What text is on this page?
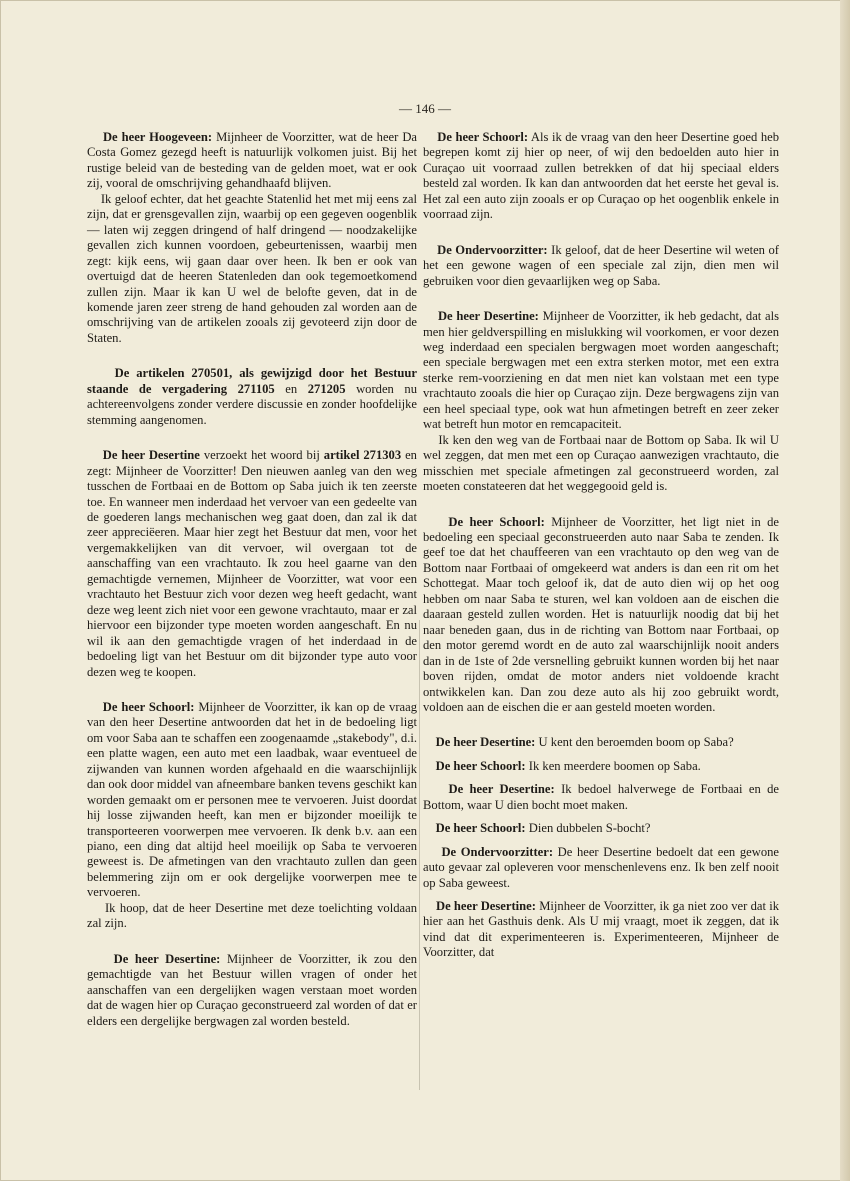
— 146 —

De heer Hoogeveen: Mijnheer de Voorzitter, wat de heer Da Costa Gomez gezegd heeft is natuurlijk volkomen juist. Bij het rustige beleid van de besteding van de gelden moet, wat er ook zij, vooral de omschrijving gehandhaafd blijven.

Ik geloof echter, dat het geachte Statenlid het met mij eens zal zijn, dat er grensgevallen zijn, waarbij op een gegeven oogenblik — laten wij zeggen dringend of half dringend — noodzakelijke gevallen zich kunnen voordoen, gebeurtenissen, waarbij men zegt: kijk eens, wij gaan daar over heen. Ik ben er ook van overtuigd dat de heeren Statenleden dan ook tegemoetkomend zullen zijn. Maar ik kan U wel de belofte geven, dat in de komende jaren zeer streng de hand gehouden zal worden aan de omschrijving van de artikelen zooals zij gevoteerd zijn door de Staten.

De artikelen 270501, als gewijzigd door het Bestuur staande de vergadering 271105 en 271205 worden nu achtereenvolgens zonder verdere discussie en zonder hoofdelijke stemming aangenomen.

De heer Desertine verzoekt het woord bij artikel 271303 en zegt: Mijnheer de Voorzitter! Den nieuwen aanleg van den weg tusschen de Fortbaai en de Bottom op Saba juich ik ten zeerste toe. En wanneer men inderdaad het vervoer van een gedeelte van de goederen langs mechanischen weg gaat doen, dan zal ik dat zeer appreciëeren. Maar hier zegt het Bestuur dat men, voor het vergemakkelijken van dit vervoer, wil overgaan tot de aanschaffing van een vrachtauto. Ik zou heel gaarne van den gemachtigde vernemen, Mijnheer de Voorzitter, wat voor een vrachtauto het Bestuur zich voor dezen weg heeft gedacht, want deze weg leent zich niet voor een gewone vrachtauto, maar er zal hiervoor een bijzonder type moeten worden aangeschaft. En nu wil ik aan den gemachtigde vragen of het inderdaad in de bedoeling ligt van het Bestuur om dit bijzonder type auto voor dezen weg te koopen.

De heer Schoorl: Mijnheer de Voorzitter, ik kan op de vraag van den heer Desertine antwoorden dat het in de bedoeling ligt om voor Saba aan te schaffen een zoogenaamde „stakebody", d.i. een platte wagen, een auto met een laadbak, waar eventueel de zijwanden van kunnen worden afgehaald en die waarschijnlijk dan ook door middel van afneembare banken tevens geschikt kan worden gemaakt om er personen mee te vervoeren. Juist doordat hij losse zijwanden heeft, kan men er bijzonder moeilijk te transporteeren voorwerpen mee vervoeren. Ik denk b.v. aan een piano, een ding dat altijd heel moeilijk op Saba te vervoeren geweest is. De afmetingen van den vrachtauto zullen dan geen belemmering zijn om er ook dergelijke voorwerpen mee te vervoeren.

Ik hoop, dat de heer Desertine met deze toelichting voldaan zal zijn.

De heer Desertine: Mijnheer de Voorzitter, ik zou den gemachtigde van het Bestuur willen vragen of onder het aanschaffen van een dergelijken wagen verstaan moet worden dat de wagen hier op Curaçao geconstrueerd zal worden of dat er elders een dergelijke bergwagen zal worden besteld.

De heer Schoorl: Als ik de vraag van den heer Desertine goed heb begrepen komt zij hier op neer, of wij den bedoelden auto hier in Curaçao uit voorraad zullen betrekken of dat hij speciaal elders besteld zal worden. Ik kan dan antwoorden dat het eerste het geval is. Het zal een auto zijn zooals er op Curaçao op het oogenblik enkele in voorraad zijn.

De Ondervoorzitter: Ik geloof, dat de heer Desertine wil weten of het een gewone wagen of een speciale zal zijn, dien men wil gebruiken voor dien gevaarlijken weg op Saba.

De heer Desertine: Mijnheer de Voorzitter, ik heb gedacht, dat als men hier geldverspilling en mislukking wil voorkomen, er voor dezen weg inderdaad een specialen bergwagen moet worden aangeschaft; een speciale bergwagen met een extra sterken motor, met een extra sterke rem-voorziening en dat men niet kan volstaan met een type vrachtauto zooals die hier op Curaçao zijn. Deze bergwagens zijn van een heel speciaal type, ook wat hun afmetingen betreft en zeer zeker wat betreft hun motor en remcapaciteit.

Ik ken den weg van de Fortbaai naar de Bottom op Saba. Ik wil U wel zeggen, dat men met een op Curaçao aanwezigen vrachtauto, die misschien met speciale afmetingen zal geconstrueerd worden, zal moeten constateeren dat het weggegooid geld is.

De heer Schoorl: Mijnheer de Voorzitter, het ligt niet in de bedoeling een speciaal geconstrueerden auto naar Saba te zenden. Ik geef toe dat het chauffeeren van een vrachtauto op den weg van de Bottom naar Fortbaai of omgekeerd wat anders is dan een rit om het Schottegat. Maar toch geloof ik, dat de auto dien wij op het oog hebben om naar Saba te sturen, wel kan voldoen aan de eischen die daaraan gesteld zullen worden. Het is natuurlijk noodig dat bij het naar beneden gaan, dus in de richting van Bottom naar Fortbaai, op den motor geremd wordt en de auto zal waarschijnlijk nooit anders dan in de 1ste of 2de versnelling gebruikt kunnen worden bij het naar boven rijden, omdat de motor anders niet voldoende kracht ontwikkelen kan. Dan zou deze auto als hij zoo gebruikt wordt, voldoen aan de eischen die er aan gesteld moeten worden.

De heer Desertine: U kent den beroemden boom op Saba?

De heer Schoorl: Ik ken meerdere boomen op Saba.

De heer Desertine: Ik bedoel halverwege de Fortbaai en de Bottom, waar U dien bocht moet maken.

De heer Schoorl: Dien dubbelen S-bocht?

De Ondervoorzitter: De heer Desertine bedoelt dat een gewone auto gevaar zal opleveren voor menschenlevens enz. Ik ben zelf nooit op Saba geweest.

De heer Desertine: Mijnheer de Voorzitter, ik ga niet zoo ver dat ik hier aan het Gasthuis denk. Als U mij vraagt, moet ik zeggen, dat ik vind dat dit experimenteeren is. Experimenteeren, Mijnheer de Voorzitter, dat
